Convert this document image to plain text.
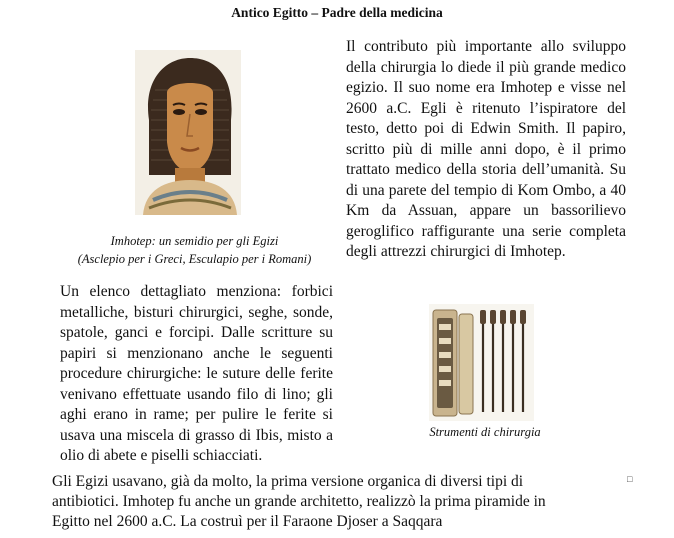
Antico Egitto – Padre della medicina
Imhotep: un semidio per gli Egizi
(Asclepio per i Greci, Esculapio per i Romani)
Il contributo più importante allo sviluppo della chirurgia lo diede il più grande medico egizio. Il suo nome era Imhotep e visse nel 2600 a.C. Egli è ritenuto l’ispiratore del testo, detto poi di Edwin Smith. Il papiro, scritto più di mille anni dopo, è il primo trattato medico della storia dell’umanità. Su di una parete del tempio di Kom Ombo, a 40 Km da Assuan, appare un bassorilievo geroglifico raffigurante una serie completa degli attrezzi chirurgici di Imhotep.
Un elenco dettagliato menziona: forbici metalliche, bisturi chirurgici, seghe, sonde, spatole, ganci e forcipi. Dalle scritture su papiri si menzionano anche le seguenti procedure chirurgiche: le suture delle ferite venivano effettuate usando filo di lino; gli aghi erano in rame; per pulire le ferite si usava una miscela di grasso di Ibis, misto a olio di abete e piselli schiacciati.
Strumenti di chirurgia
Gli Egizi usavano, già da molto, la prima versione organica di diversi tipi di
antibiotici. Imhotep fu anche un grande architetto, realizzò la prima piramide in
Egitto nel 2600 a.C. La costruì per il Faraone Djoser a Saqqara
□
